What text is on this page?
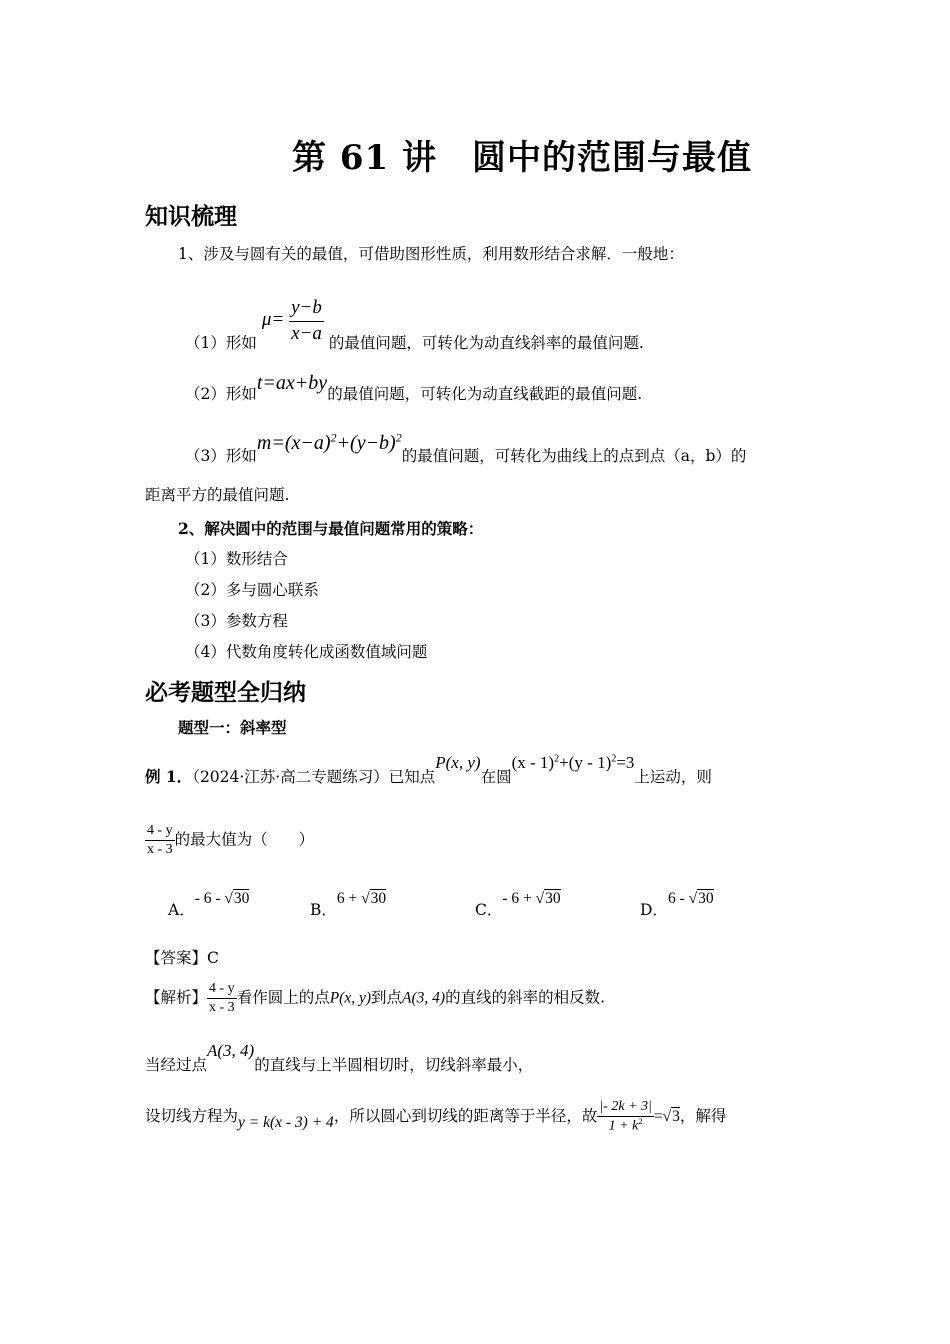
第 61 讲　圆中的范围与最值
知识梳理
1、涉及与圆有关的最值，可借助图形性质，利用数形结合求解．一般地：
（1）形如 $\mu= \frac{y-b}{x-a}$ 的最值问题，可转化为动直线斜率的最值问题.
（2）形如t=ax+by的最值问题，可转化为动直线截距的最值问题.
（3）形如$m=(x-a)^2+(y-b)^2$的最值问题，可转化为曲线上的点到点（a，b）的
距离平方的最值问题.
2、解决圆中的范围与最值问题常用的策略：
（1）数形结合
（2）多与圆心联系
（3）参数方程
（4）代数角度转化成函数值域问题
必考题型全归纳
题型一：斜率型
例 1．（2024·江苏·高二专题练习）已知点P(x, y)在圆(x - 1)$^2$+(y - 1)$^2$=3上运动，则
$\frac{4 - y}{x - 3}$ 的最大值为（　　）
A．- 6 - √30
B．6 + √30
C．- 6 + √30
D．6 - √30
【答案】C
【解析】 $\frac{4 - y}{x - 3}$ 看作圆上的点P(x, y)到点A(3, 4)的直线的斜率的相反数.
当经过点A(3, 4)的直线与上半圆相切时，切线斜率最小，
设切线方程为y = k(x - 3) + 4，所以圆心到切线的距离等于半径，故 $\frac{|- 2k + 3|}{1 + k^2} =√3$，解得
